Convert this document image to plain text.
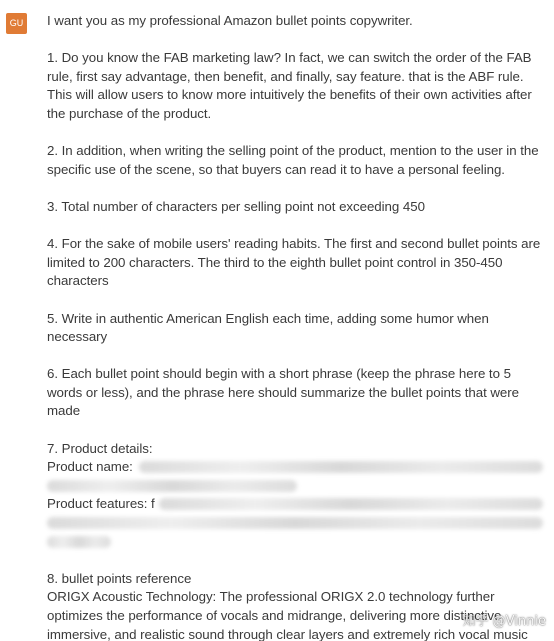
GU I want you as my professional Amazon bullet points copywriter.

1. Do you know the FAB marketing law? In fact, we can switch the order of the FAB rule, first say advantage, then benefit, and finally, say feature. that is the ABF rule. This will allow users to know more intuitively the benefits of their own activities after the purchase of the product.

2. In addition, when writing the selling point of the product, mention to the user in the specific use of the scene, so that buyers can read it to have a personal feeling.

3. Total number of characters per selling point not exceeding 450

4. For the sake of mobile users' reading habits. The first and second bullet points are limited to 200 characters. The third to the eighth bullet point control in 350-450 characters

5. Write in authentic American English each time, adding some humor when necessary

6. Each bullet point should begin with a short phrase (keep the phrase here to 5 words or less), and the phrase here should summarize the bullet points that were made

7. Product details:
Product name:
Product features: f
8. bullet points reference
ORIGX Acoustic Technology: The professional ORIGX 2.0 technology further optimizes the performance of vocals and midrange, delivering more distinctive immersive, and realistic sound through clear layers and extremely rich vocal music
知乎 @Vinnie
